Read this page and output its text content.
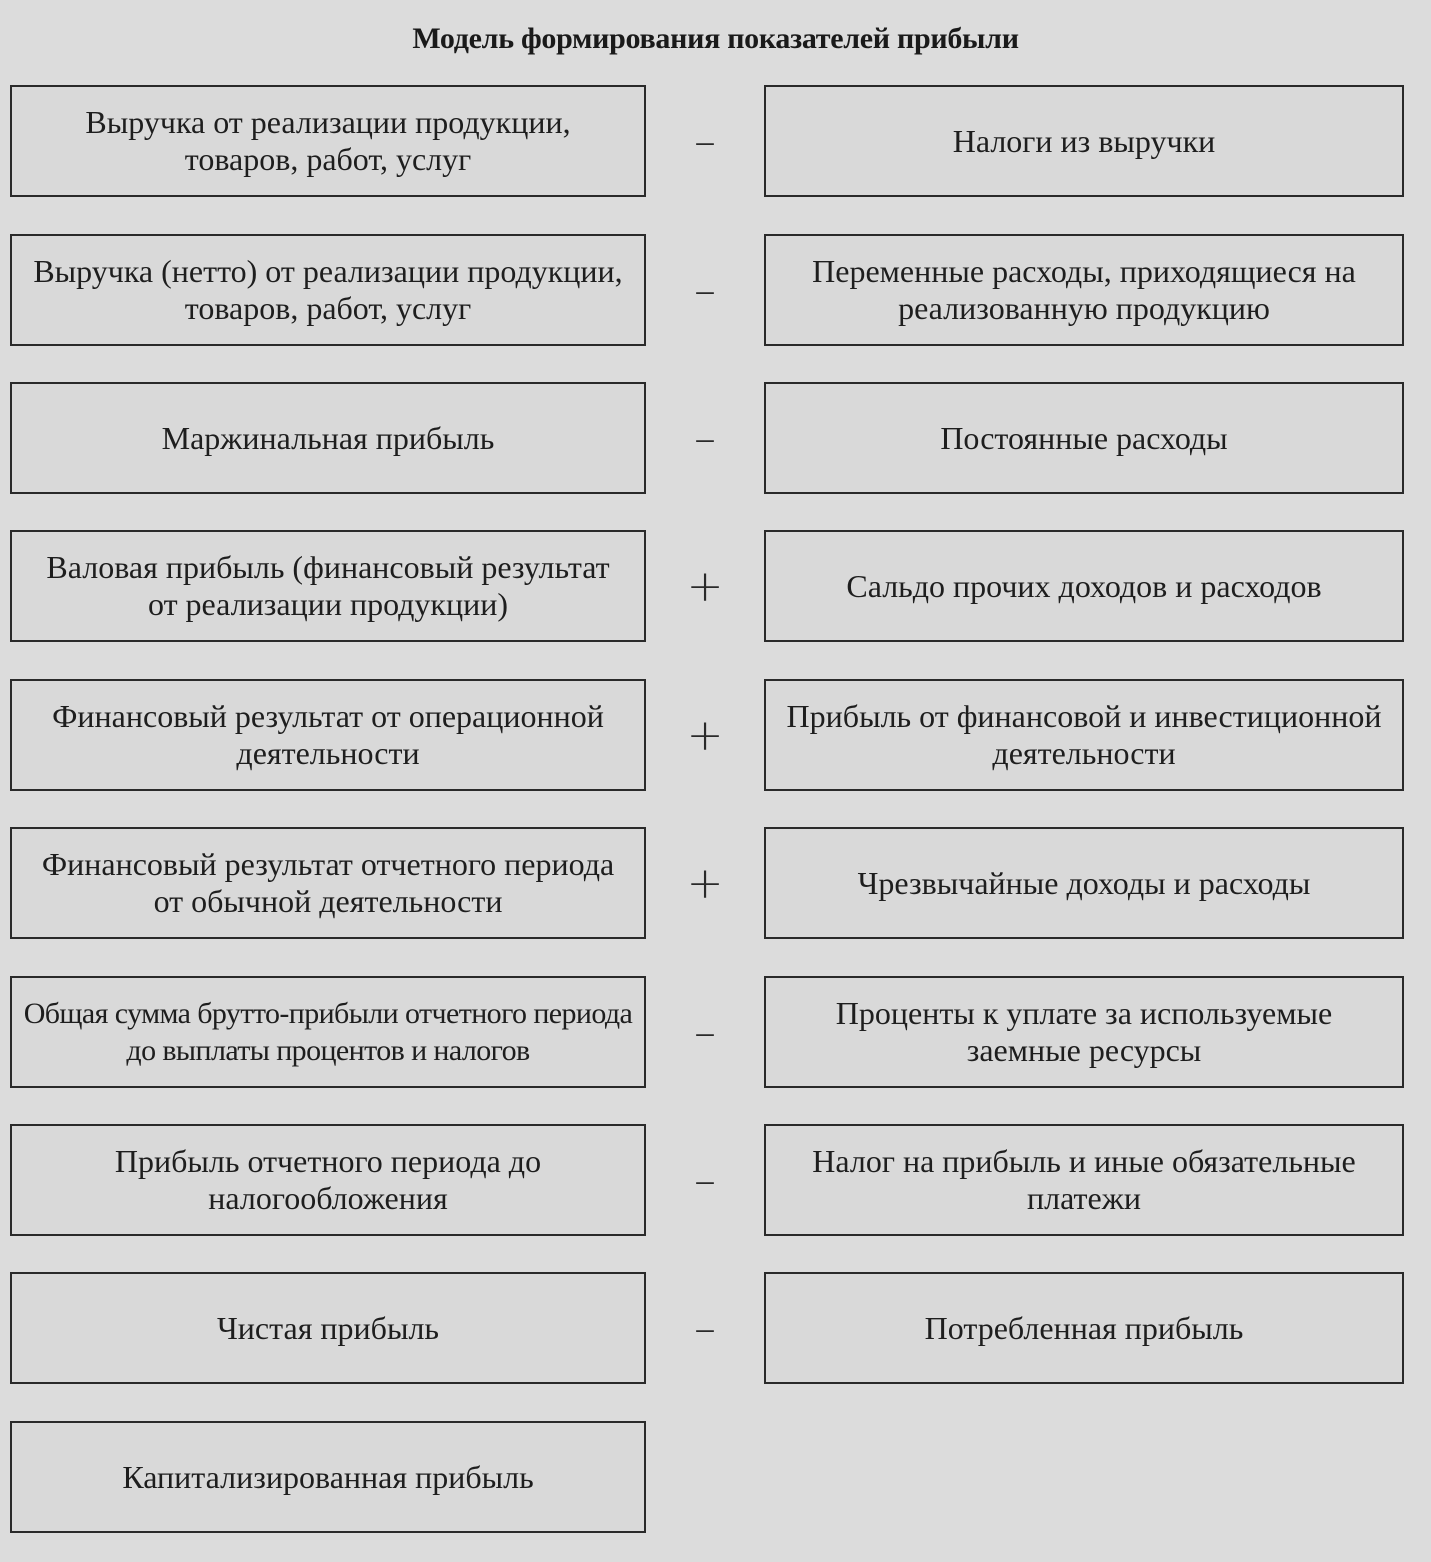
Модель формирования показателей прибыли
Выручка от реализации продукции, товаров, работ, услуг	–	Налоги из выручки
Выручка (нетто) от реализации продукции, товаров, работ, услуг	–	Переменные расходы, приходящиеся на реализованную продукцию
Маржинальная прибыль	–	Постоянные расходы
Валовая прибыль (финансовый результат от реализации продукции)	+	Сальдо прочих доходов и расходов
Финансовый результат от операционной деятельности	+	Прибыль от финансовой и инвестиционной деятельности
Финансовый результат отчетного периода от обычной деятельности	+	Чрезвычайные доходы и расходы
Общая сумма брутто-прибыли отчетного периода до выплаты процентов и налогов	–	Проценты к уплате за используемые заемные ресурсы
Прибыль отчетного периода до налогообложения	–	Налог на прибыль и иные обязательные платежи
Чистая прибыль	–	Потребленная прибыль
Капитализированная прибыль
